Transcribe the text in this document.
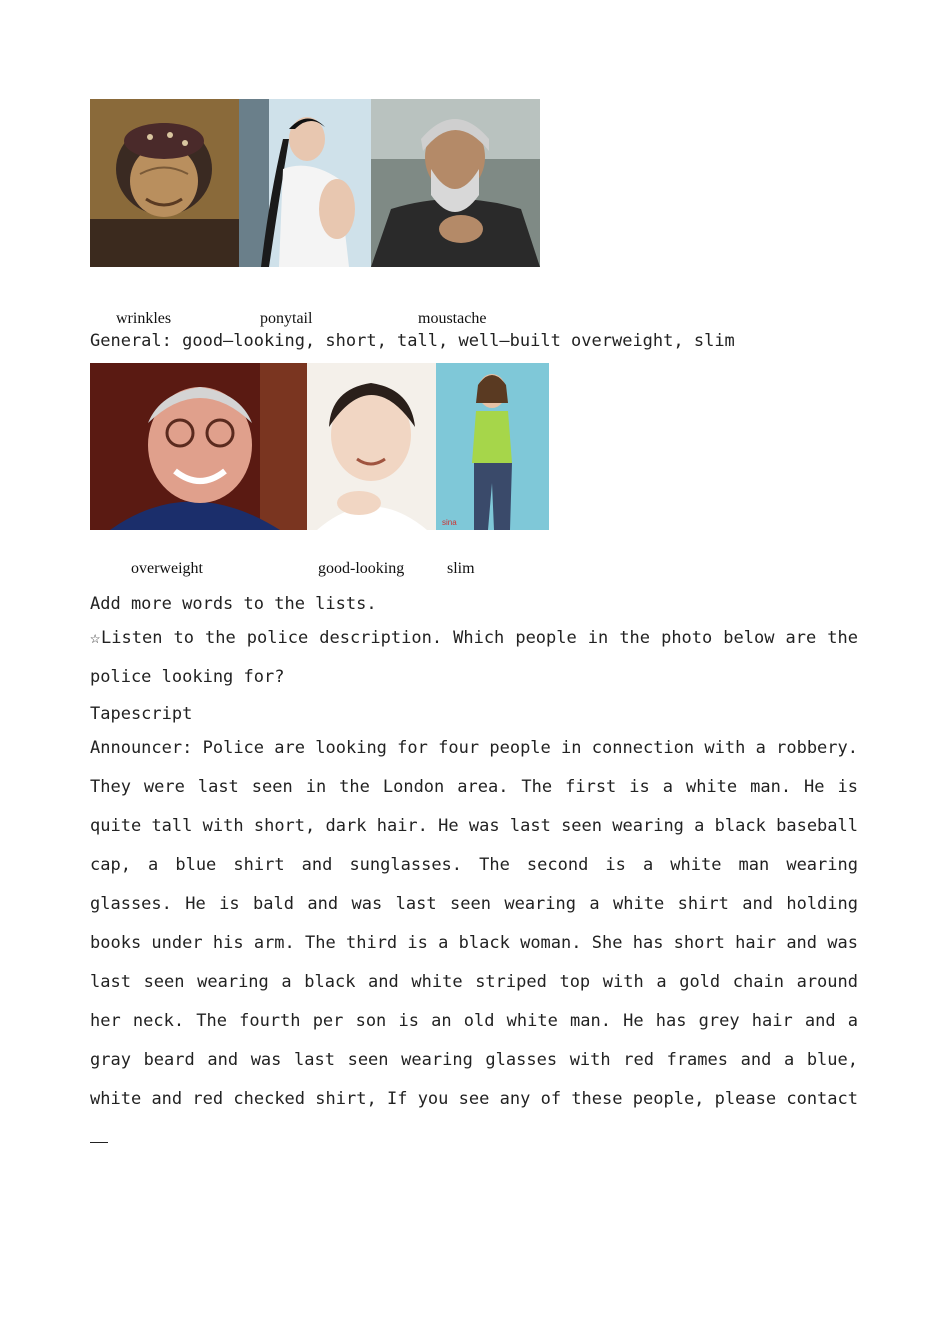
wrinkles	ponytail	moustache
General: good–looking, short, tall, well–built overweight, slim
sina
overweight	good-looking	slim
Add more words to the lists.
☆Listen to the police description. Which people in the photo below are the police looking for?
Tapescript
Announcer: Police are looking for four people in connection with a robbery. They were last seen in the London area. The first is a white man. He is quite tall with short, dark hair. He was last seen wearing a black baseball cap, a blue shirt and sunglasses. The second is a white man wearing glasses. He is bald and was last seen wearing a white shirt and holding books under his arm. The third is a black woman. She has short hair and was last seen wearing a black and white striped top with a gold chain around her neck. The fourth per son is an old white man. He has grey hair and a gray beard and was last seen wearing glasses with red frames and a blue, white and red checked shirt, If you see any of these people, please contact
